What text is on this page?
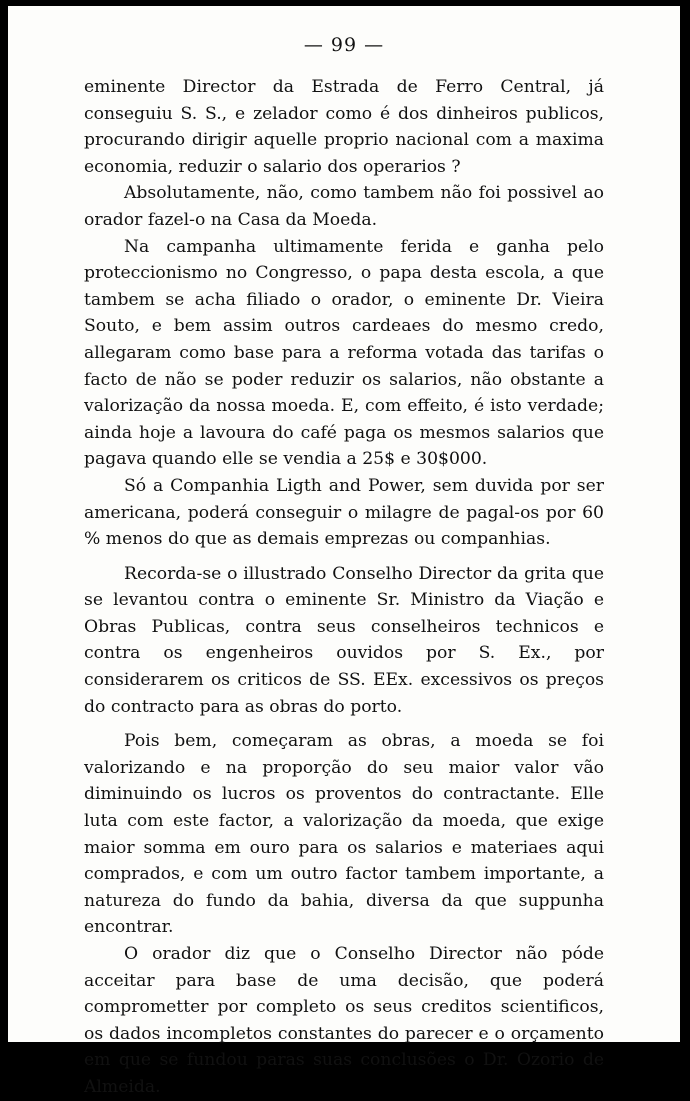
— 99 —

eminente Director da Estrada de Ferro Central, já conseguiu S. S., e zelador como é dos dinheiros publicos, procurando dirigir aquelle proprio nacional com a maxima economia, reduzir o salario dos operarios ?

Absolutamente, não, como tambem não foi possivel ao orador fazel-o na Casa da Moeda.

Na campanha ultimamente ferida e ganha pelo proteccionismo no Congresso, o papa desta escola, a que tambem se acha filiado o orador, o eminente Dr. Vieira Souto, e bem assim outros cardeaes do mesmo credo, allegaram como base para a reforma votada das tarifas o facto de não se poder reduzir os salarios, não obstante a valorização da nossa moeda. E, com effeito, é isto verdade; ainda hoje a lavoura do café paga os mesmos salarios que pagava quando elle se vendia a 25$ e 30$000.

Só a Companhia Ligth and Power, sem duvida por ser americana, poderá conseguir o milagre de pagal-os por 60 % menos do que as demais emprezas ou companhias.

Recorda-se o illustrado Conselho Director da grita que se levantou contra o eminente Sr. Ministro da Viação e Obras Publicas, contra seus conselheiros technicos e contra os engenheiros ouvidos por S. Ex., por considerarem os criticos de SS. EEx. excessivos os preços do contracto para as obras do porto.

Pois bem, começaram as obras, a moeda se foi valorizando e na proporção do seu maior valor vão diminuindo os lucros os proventos do contractante. Elle luta com este factor, a valorização da moeda, que exige maior somma em ouro para os salarios e materiaes aqui comprados, e com um outro factor tambem importante, a natureza do fundo da bahia, diversa da que suppunha encontrar.

O orador diz que o Conselho Director não póde acceitar para base de uma decisão, que poderá comprometter por completo os seus creditos scientificos, os dados incompletos constantes do parecer e o orçamento em que se fundou paras suas conclusões o Dr. Ozorio de Almeida.
